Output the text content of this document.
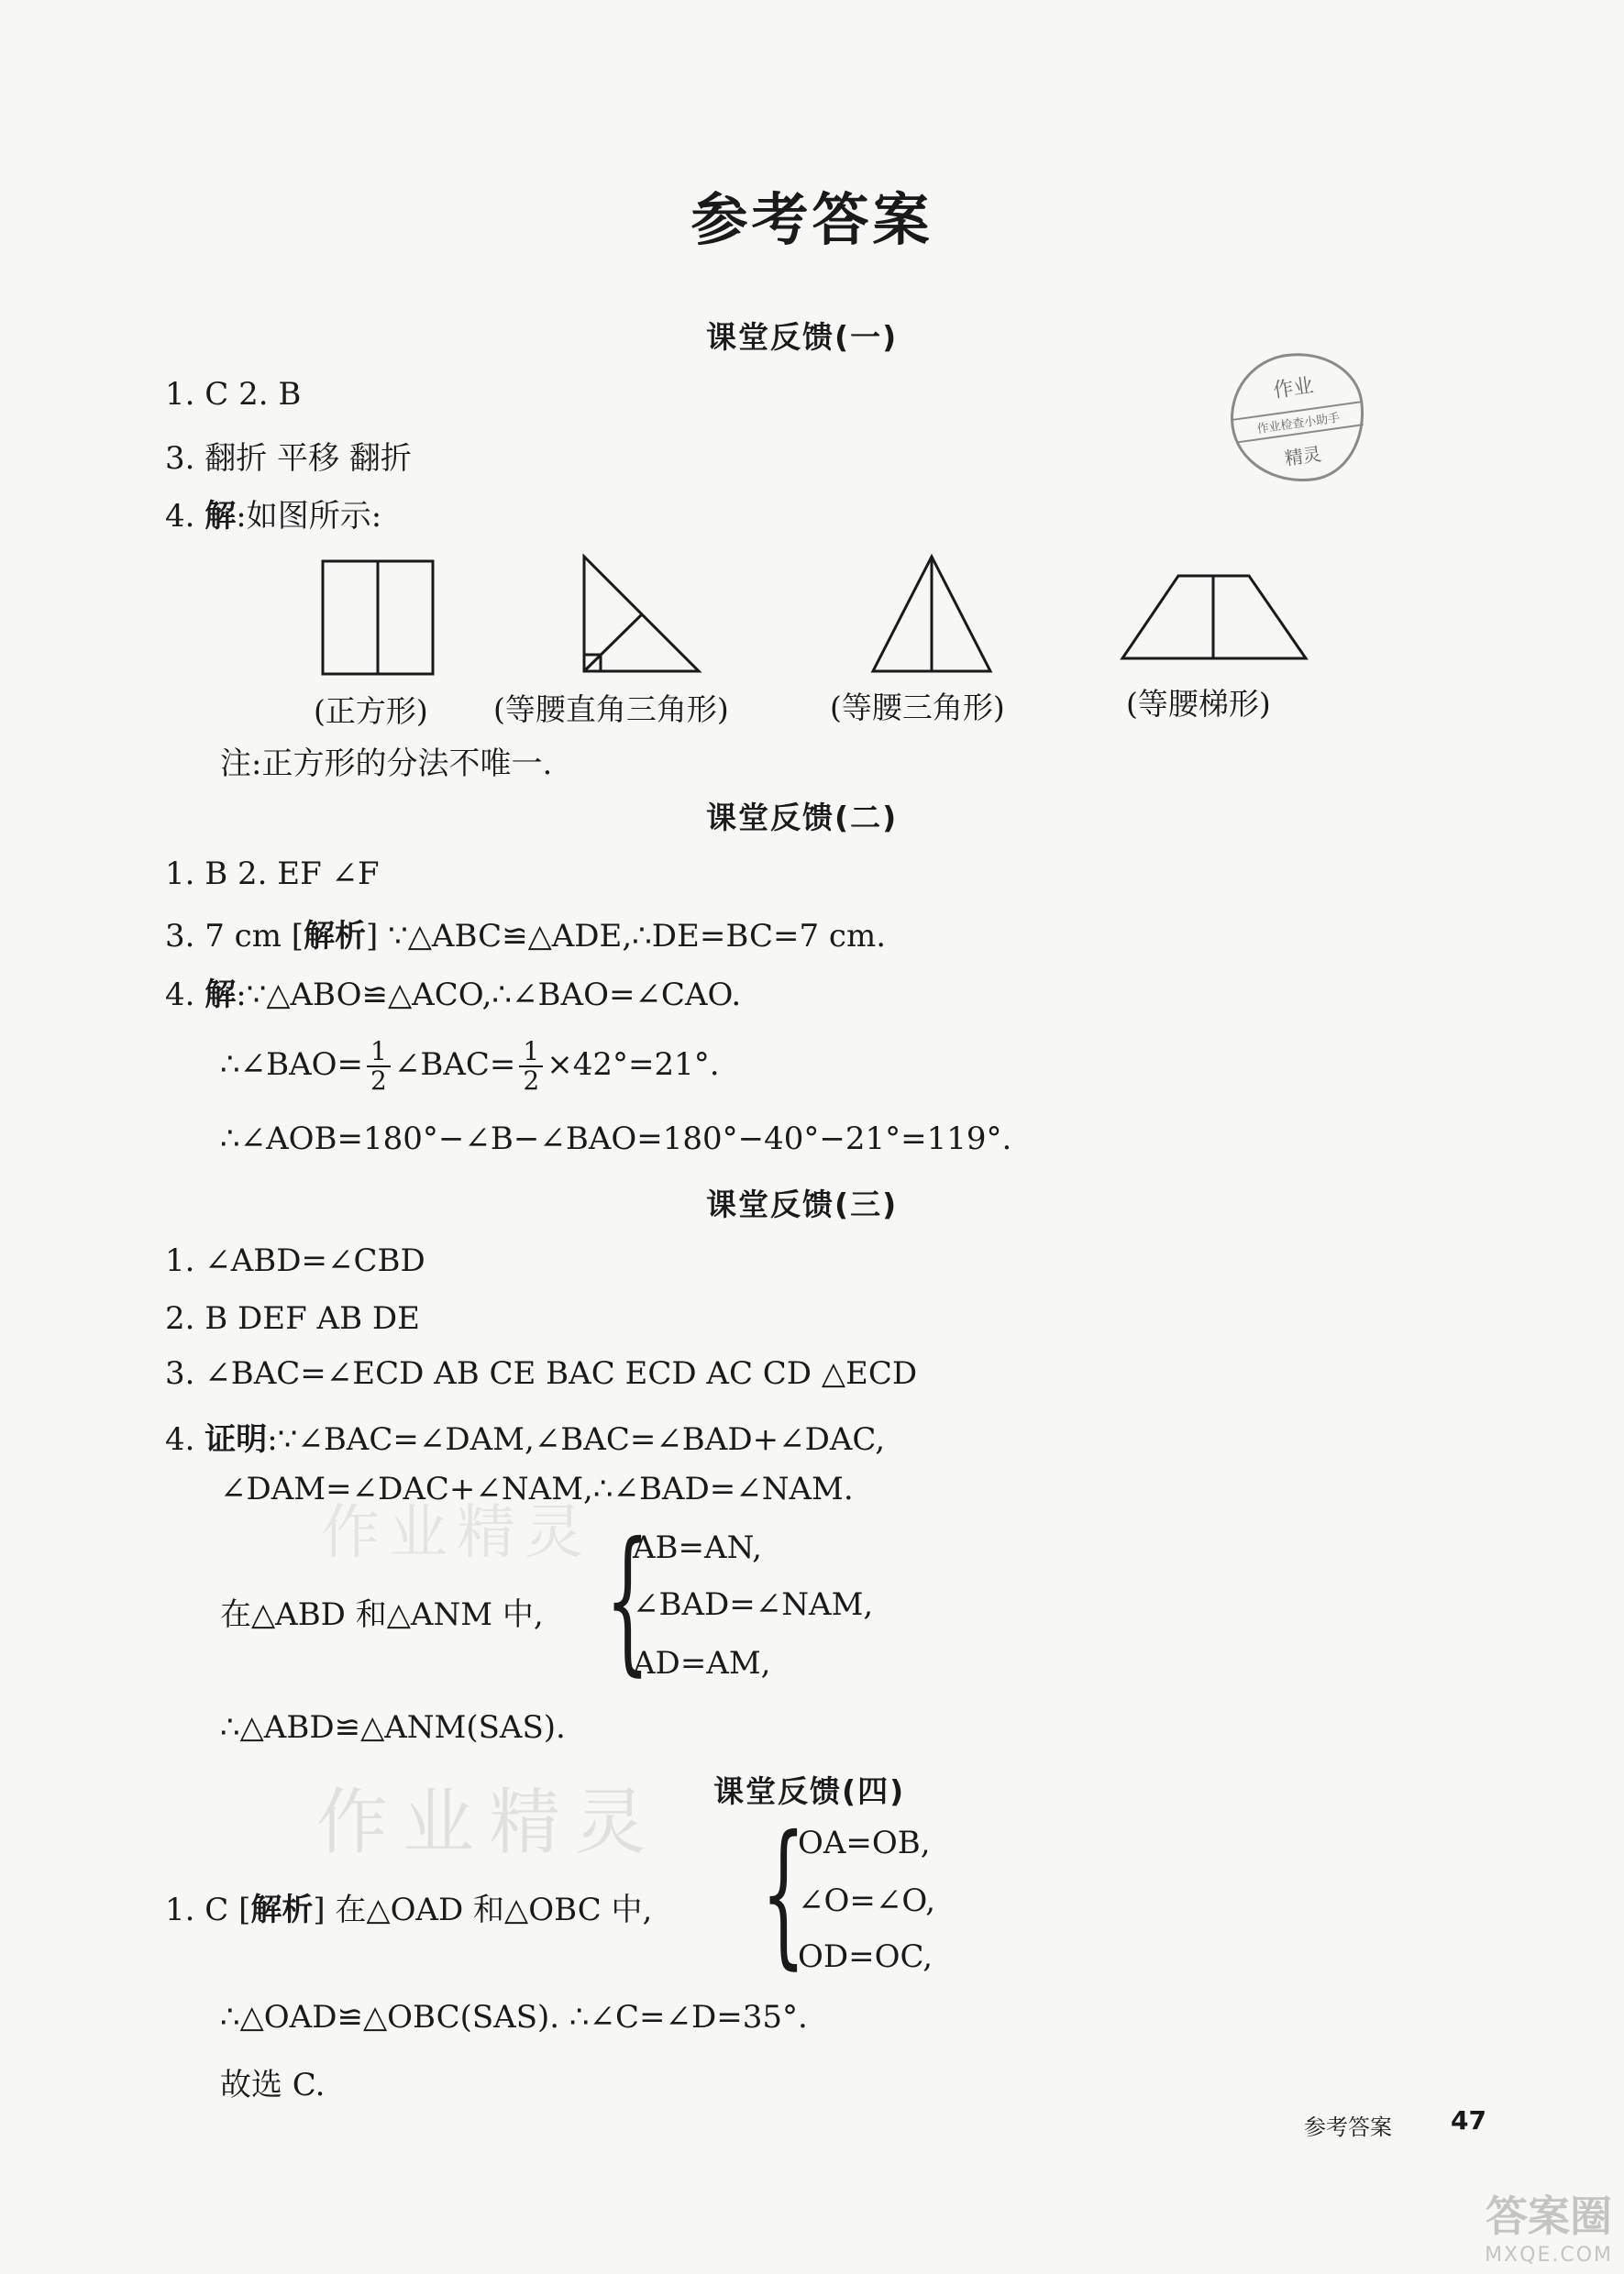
参考答案
作业
作业检查小助手
精灵
课堂反馈(一)
1. C 2. B
3. 翻折 平移 翻折
4. 解:如图所示:
(正方形) (等腰直角三角形)	(等腰三角形)	(等腰梯形)
注:正方形的分法不唯一.
课堂反馈(二)
1. B 2. EF ∠F
3. 7 cm [解析] ∵△ABC≌△ADE,∴DE=BC=7 cm.
4. 解:∵△ABO≌△ACO,∴∠BAO=∠CAO.
∴∠BAO= $\frac{1}{2}$ ∠BAC= $\frac{1}{2} \times 42^\circ=21^\circ$.
∴∠AOB=180°−∠B−∠BAO=180°−40°−21°=119°.
课堂反馈(三)
1. ∠ABD=∠CBD
2. B DEF AB DE
3. ∠BAC=∠ECD AB CE BAC ECD AC CD △ECD
4. 证明:∵∠BAC=∠DAM,∠BAC=∠BAD+∠DAC,
∠DAM=∠DAC+∠NAM,∴∠BAD=∠NAM.
在△ABD 和△ANM 中, {
AB=AN,
∠BAD=∠NAM,
AD=AM,
∴△ABD≌△ANM(SAS).
课堂反馈(四)
{
OA=OB,
∠O=∠O,
OD=OC,
1. C [解析] 在△OAD 和△OBC 中,
∴△OAD≌△OBC(SAS). ∴∠C=∠D=35°.
故选 C.
作业精灵
作业精灵
参考答案 47
答案圈
MXQE.COM
